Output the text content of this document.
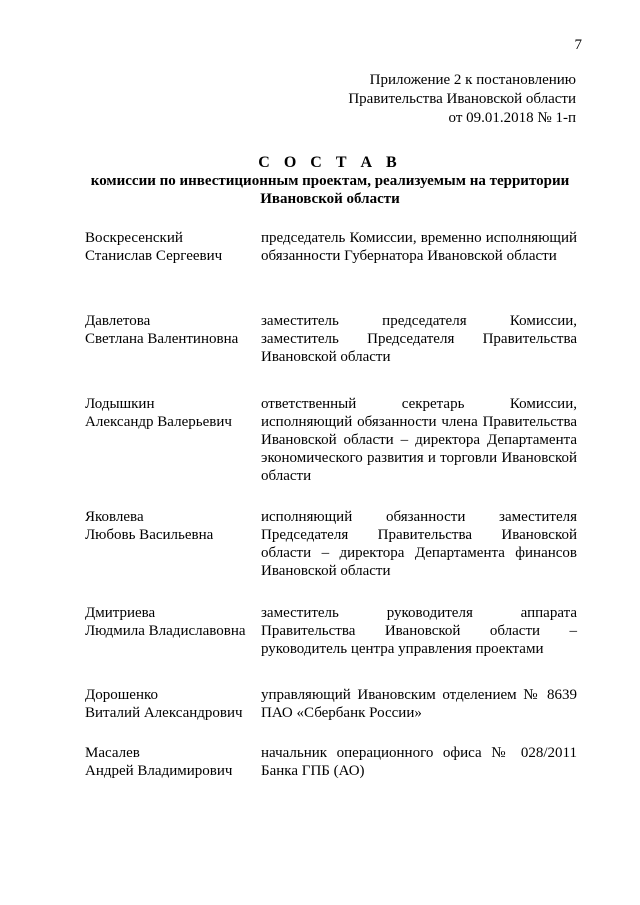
7
Приложение 2 к постановлению
Правительства Ивановской области
от 09.01.2018 № 1-п
С О С Т А В
комиссии по инвестиционным проектам, реализуемым на территории
Ивановской области
Воскресенский
Станислав Сергеевич
председатель Комиссии, временно исполняющий обязанности Губернатора Ивановской области
Давлетова
Светлана Валентиновна
заместитель председателя Комиссии, заместитель Председателя Правительства Ивановской области
Лодышкин
Александр Валерьевич
ответственный секретарь Комиссии, исполняющий обязанности члена Правительства Ивановской области – директора Департамента экономического развития и торговли Ивановской области
Яковлева
Любовь Васильевна
исполняющий обязанности заместителя Председателя Правительства Ивановской области – директора Департамента финансов Ивановской области
Дмитриева
Людмила Владиславовна
заместитель руководителя аппарата Правительства Ивановской области – руководитель центра управления проектами
Дорошенко
Виталий Александрович
управляющий Ивановским отделением № 8639 ПАО «Сбербанк России»
Масалев
Андрей Владимирович
начальник операционного офиса № 028/2011 Банка ГПБ (АО)
